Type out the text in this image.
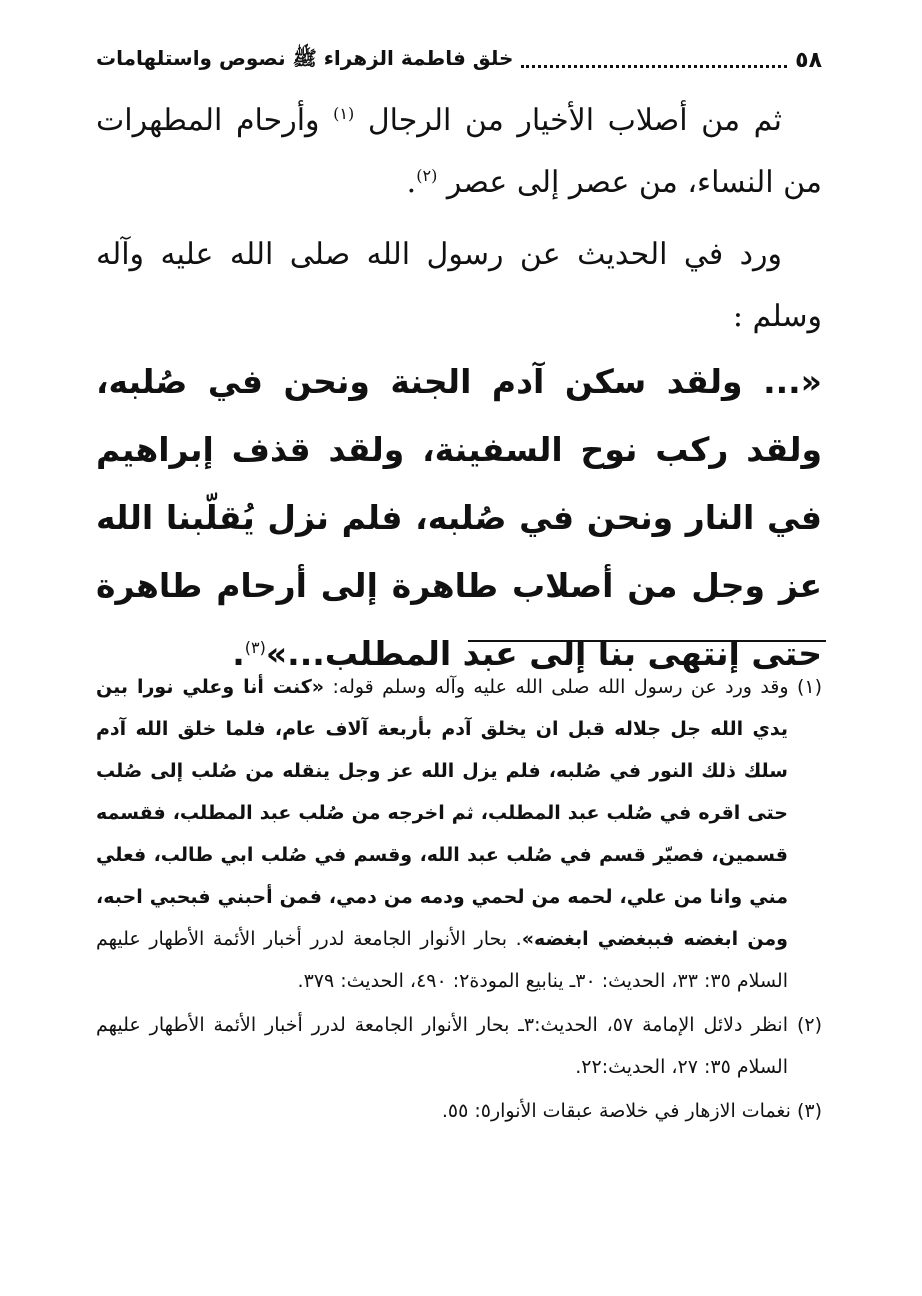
٥٨
خلق فاطمة الزهراء ﷺ نصوص واستلهامات

ثم من أصلاب الأخيار من الرجال $^{(١)}$ وأرحام المطهرات من النساء، من عصر إلى عصر $^{(٢)}$.

ورد في الحديث عن رسول الله صلى الله عليه وآله وسلم :

«... ولقد سكن آدم الجنة ونحن في صُلبه، ولقد ركب نوح السفينة، ولقد قذف إبراهيم في النار ونحن في صُلبه، فلم نزل يُقلّبنا الله عز وجل من أصلاب طاهرة إلى أرحام طاهرة حتى إنتهى بنا إلى عبد المطلب...»$^{(٣)}$.

(١) وقد ورد عن رسول الله صلى الله عليه وآله وسلم قوله: «كنت أنا وعلي نورا بين يدي الله جل جلاله قبل ان يخلق آدم بأربعة آلاف عام، فلما خلق الله آدم سلك ذلك النور في صُلبه، فلم يزل الله عز وجل ينقله من صُلب إلى صُلب حتى اقره في صُلب عبد المطلب، ثم اخرجه من صُلب عبد المطلب، فقسمه قسمين، فصيّر قسم في صُلب عبد الله، وقسم في صُلب ابي طالب، فعلي مني وانا من علي، لحمه من لحمي ودمه من دمي، فمن أحبني فبحبي احبه، ومن ابغضه فببغضي ابغضه». بحار الأنوار الجامعة لدرر أخبار الأئمة الأطهار عليهم السلام ٣٥: ٣٣، الحديث: ٣٠ـ ينابيع المودة٢: ٤٩٠، الحديث: ٣٧٩.
(٢) انظر دلائل الإمامة ٥٧، الحديث:٣ـ بحار الأنوار الجامعة لدرر أخبار الأئمة الأطهار عليهم السلام ٣٥: ٢٧، الحديث:٢٢.
(٣) نغمات الازهار في خلاصة عبقات الأنوار٥: ٥٥.
